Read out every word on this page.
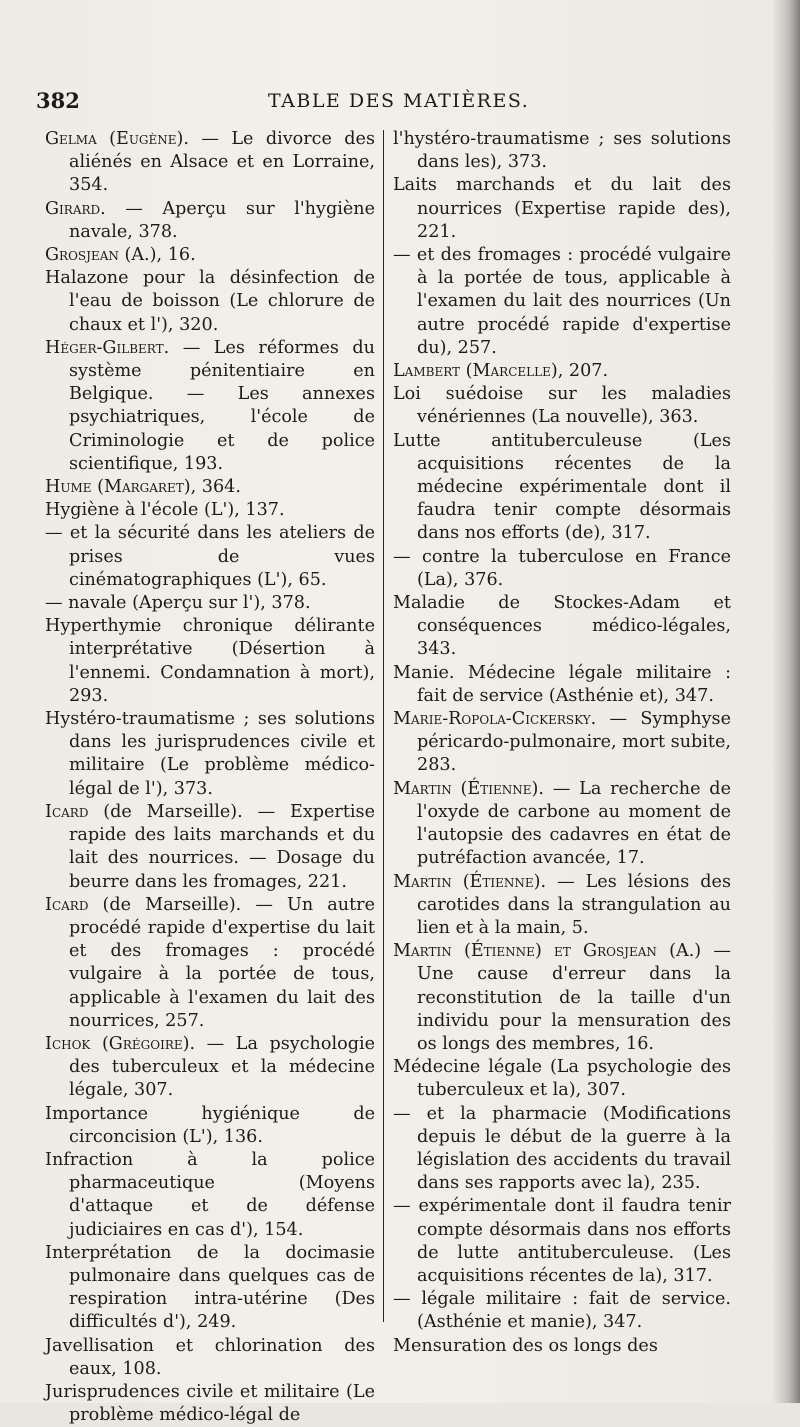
382	TABLE DES MATIÈRES.

Gelma (Eugène). — Le divorce des aliénés en Alsace et en Lorraine, 354.

Girard. — Aperçu sur l'hygiène navale, 378.

Grosjean (A.), 16.

Halazone pour la désinfection de l'eau de boisson (Le chlorure de chaux et l'), 320.

Héger-Gilbert. — Les réformes du système pénitentiaire en Belgique. — Les annexes psychiatriques, l'école de Criminologie et de police scientifique, 193.

Hume (Margaret), 364.

Hygiène à l'école (L'), 137.

— et la sécurité dans les ateliers de prises de vues cinématographiques (L'), 65.

— navale (Aperçu sur l'), 378.

Hyperthymie chronique délirante interprétative (Désertion à l'ennemi. Condamnation à mort), 293.

Hystéro-traumatisme ; ses solutions dans les jurisprudences civile et militaire (Le problème médico-légal de l'), 373.

Icard (de Marseille). — Expertise rapide des laits marchands et du lait des nourrices. — Dosage du beurre dans les fromages, 221.

Icard (de Marseille). — Un autre procédé rapide d'expertise du lait et des fromages : procédé vulgaire à la portée de tous, applicable à l'examen du lait des nourrices, 257.

Ichok (Grégoire). — La psychologie des tuberculeux et la médecine légale, 307.

Importance hygiénique de circoncision (L'), 136.

Infraction à la police pharmaceutique (Moyens d'attaque et de défense judiciaires en cas d'), 154.

Interprétation de la docimasie pulmonaire dans quelques cas de respiration intra-utérine (Des difficultés d'), 249.

Javellisation et chlorination des eaux, 108.

Jurisprudences civile et militaire (Le problème médico-légal de

l'hystéro-traumatisme ; ses solutions dans les), 373.

Laits marchands et du lait des nourrices (Expertise rapide des), 221.

— et des fromages : procédé vulgaire à la portée de tous, applicable à l'examen du lait des nourrices (Un autre procédé rapide d'expertise du), 257.

Lambert (Marcelle), 207.

Loi suédoise sur les maladies vénériennes (La nouvelle), 363.

Lutte antituberculeuse (Les acquisitions récentes de la médecine expérimentale dont il faudra tenir compte désormais dans nos efforts (de), 317.

— contre la tuberculose en France (La), 376.

Maladie de Stockes-Adam et conséquences médico-légales, 343.

Manie. Médecine légale militaire : fait de service (Asthénie et), 347.

Marie-Ropola-Cickersky. — Symphyse péricardo-pulmonaire, mort subite, 283.

Martin (Étienne). — La recherche de l'oxyde de carbone au moment de l'autopsie des cadavres en état de putréfaction avancée, 17.

Martin (Étienne). — Les lésions des carotides dans la strangulation au lien et à la main, 5.

Martin (Étienne) et Grosjean (A.) — Une cause d'erreur dans la reconstitution de la taille d'un individu pour la mensuration des os longs des membres, 16.

Médecine légale (La psychologie des tuberculeux et la), 307.

— et la pharmacie (Modifications depuis le début de la guerre à la législation des accidents du travail dans ses rapports avec la), 235.

— expérimentale dont il faudra tenir compte désormais dans nos efforts de lutte antituberculeuse. (Les acquisitions récentes de la), 317.

— légale militaire : fait de service. (Asthénie et manie), 347.

Mensuration des os longs des
